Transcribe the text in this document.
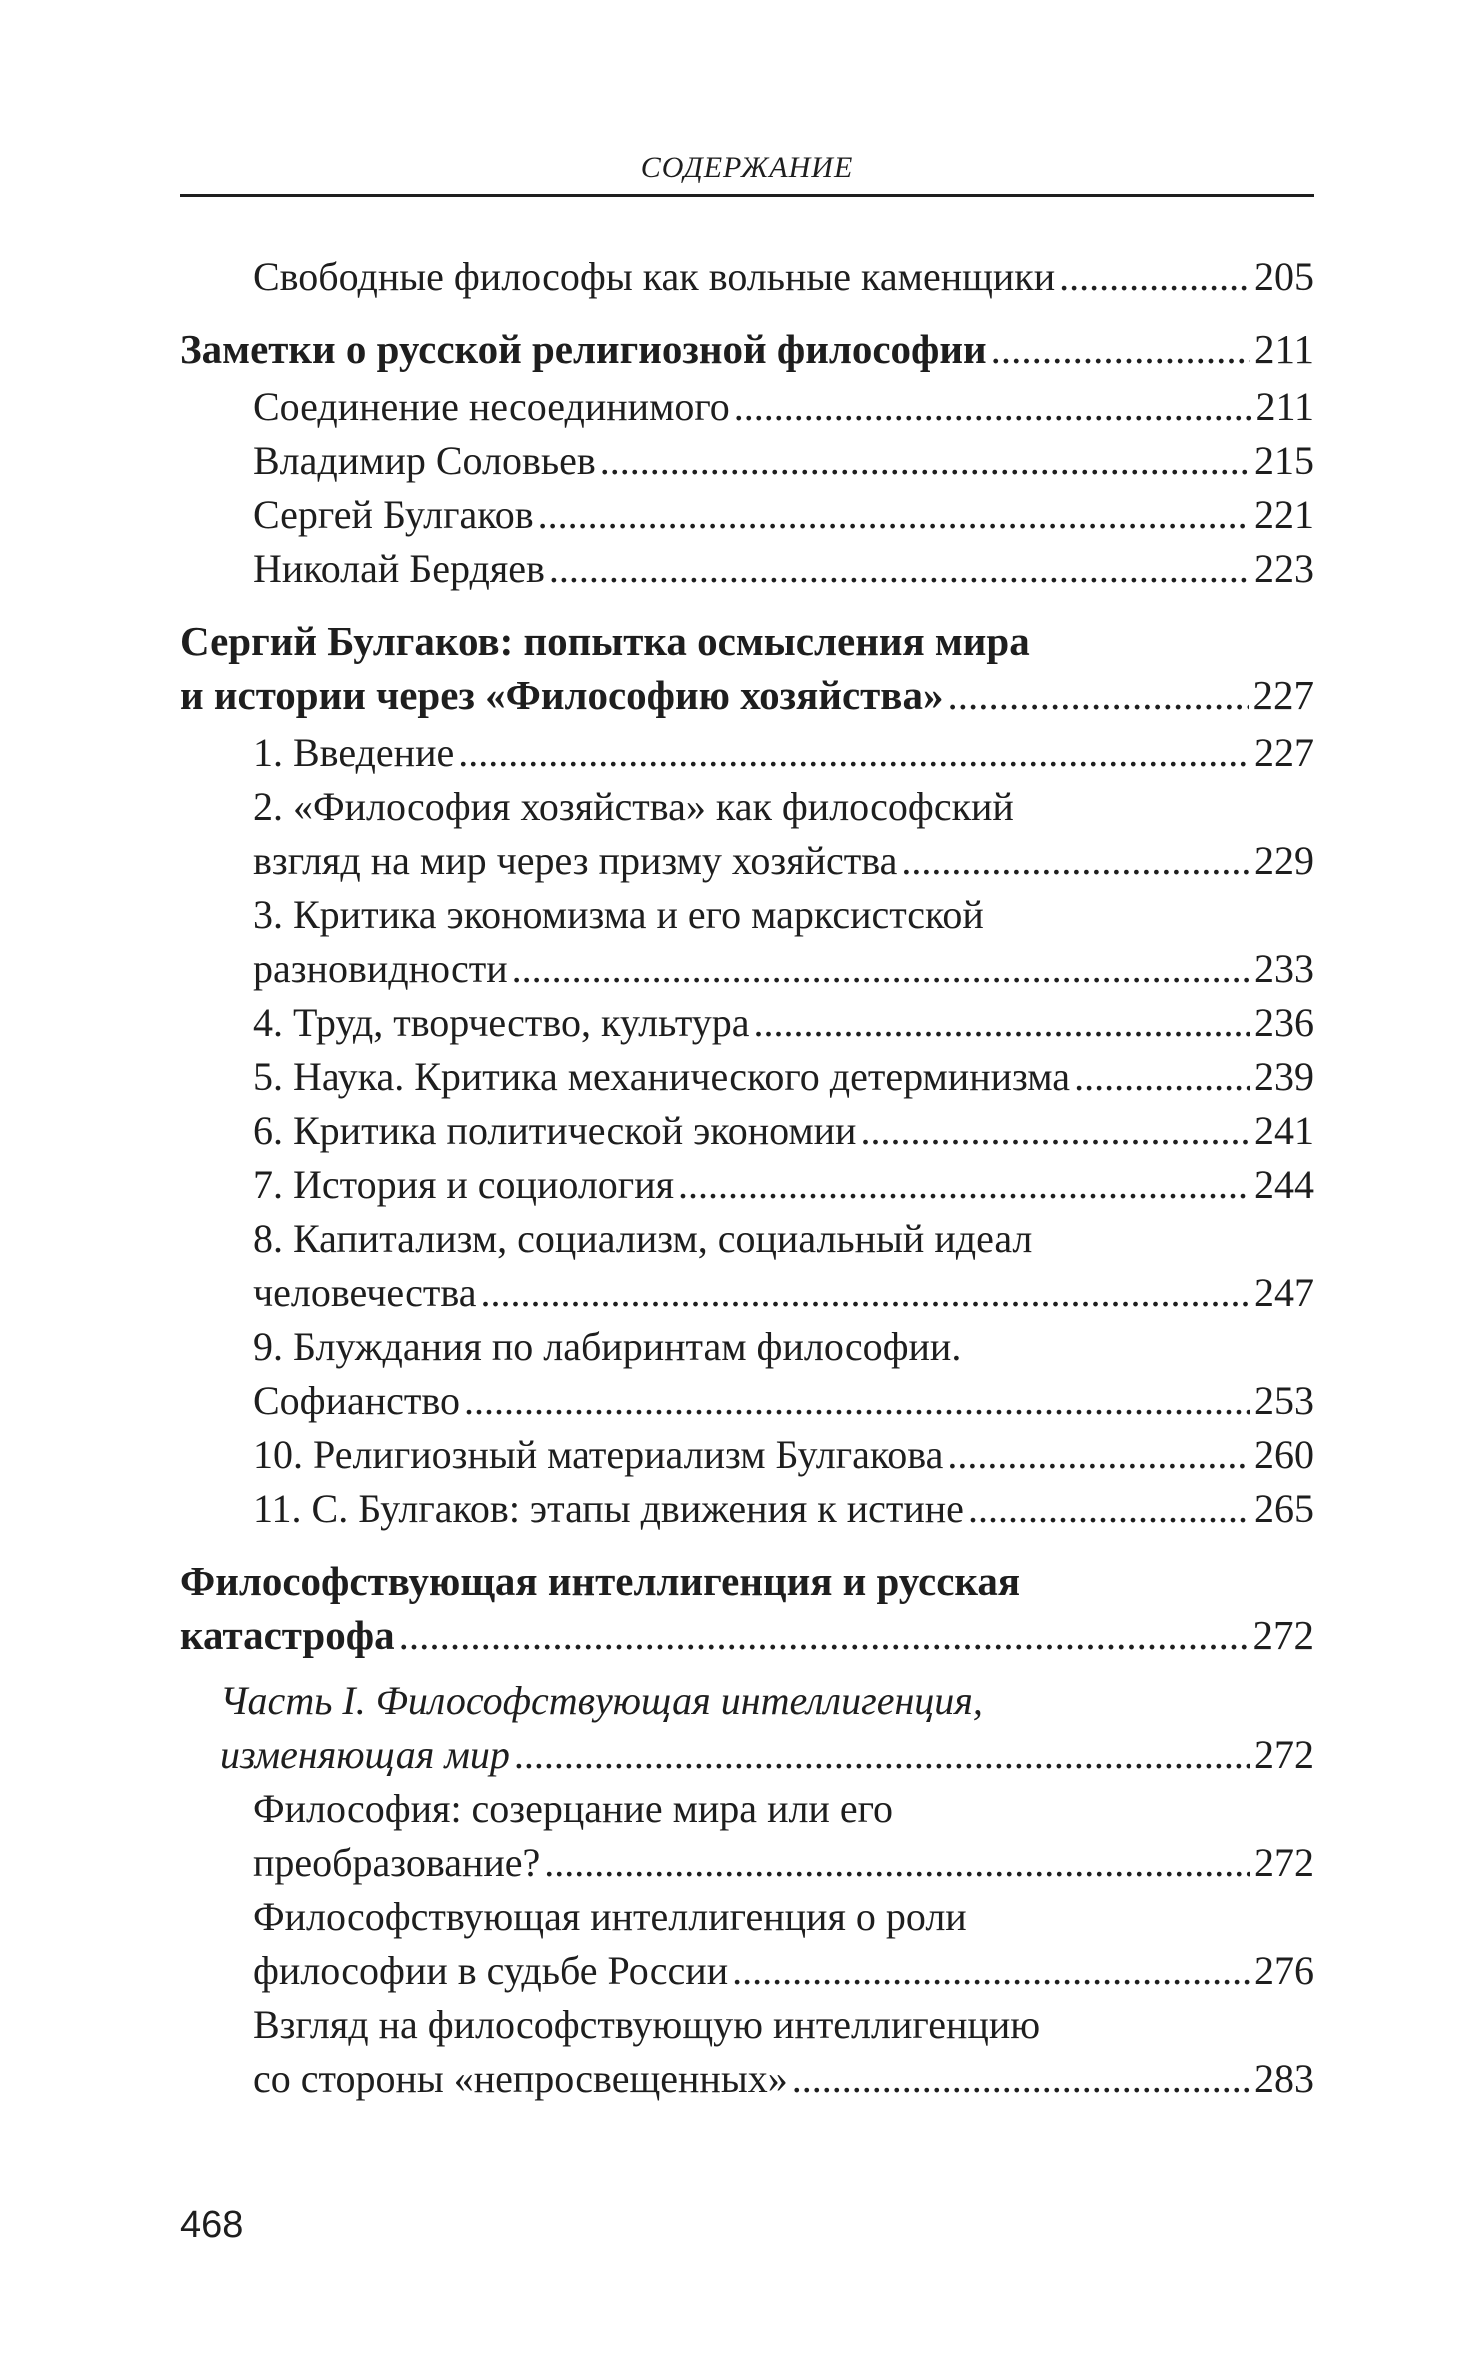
СОДЕРЖАНИЕ
Свободные философы как вольные каменщики .....	205
Заметки о русской религиозной философии .....	211
Соединение несоединимого .....	211
Владимир Соловьев .....	215
Сергей Булгаков .....	221
Николай Бердяев .....	223
Сергий Булгаков: попытка осмысления мира
и истории через «Философию хозяйства» .....	227
1. Введение .....	227
2. «Философия хозяйства» как философский
взгляд на мир через призму хозяйства .....	229
3. Критика экономизма и его марксистской
разновидности .....	233
4. Труд, творчество, культура .....	236
5. Наука. Критика механического детерминизма .....	239
6. Критика политической экономии .....	241
7. История и социология .....	244
8. Капитализм, социализм, социальный идеал
человечества .....	247
9. Блуждания по лабиринтам философии.
Софианство .....	253
10. Религиозный материализм Булгакова .....	260
11. С. Булгаков: этапы движения к истине .....	265
Философствующая интеллигенция и русская
катастрофа .....	272
Часть I. Философствующая интеллигенция,
изменяющая мир .....	272
Философия: созерцание мира или его
преобразование? .....	272
Философствующая интеллигенция о роли
философии в судьбе России .....	276
Взгляд на философствующую интеллигенцию
со стороны «непросвещенных» .....	283
468
